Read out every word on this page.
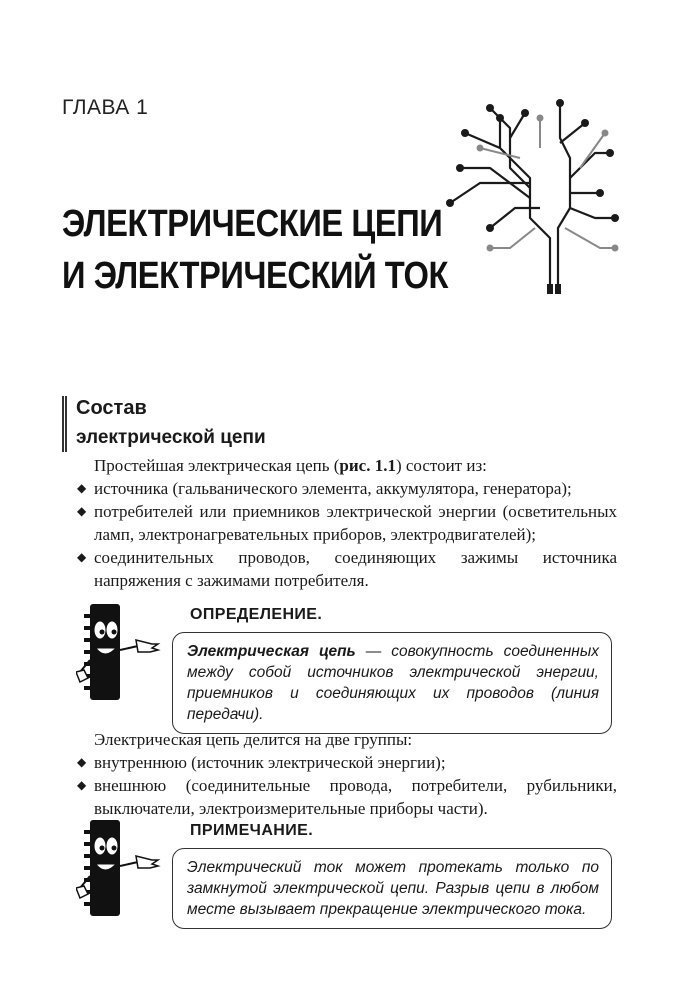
ГЛАВА 1
ЭЛЕКТРИЧЕСКИЕ ЦЕПИ
И ЭЛЕКТРИЧЕСКИЙ ТОК
Состав
электрической цепи
Простейшая электрическая цепь (рис. 1.1) состоит из:
◆ источника (гальванического элемента, аккумулятора, генератора);
◆ потребителей или приемников электрической энергии (осветительных ламп, электронагревательных приборов, электродвигателей);
◆ соединительных проводов, соединяющих зажимы источника напряжения с зажимами потребителя.
ОПРЕДЕЛЕНИЕ.
Электрическая цепь — совокупность соединенных между собой источников электрической энергии, приемников и соединяющих их проводов (линия передачи).
Электрическая цепь делится на две группы:
◆ внутреннюю (источник электрической энергии);
◆ внешнюю (соединительные провода, потребители, рубильники, выключатели, электроизмерительные приборы части).
ПРИМЕЧАНИЕ.
Электрический ток может протекать только по замкнутой электрической цепи. Разрыв цепи в любом месте вызывает прекращение электрического тока.
